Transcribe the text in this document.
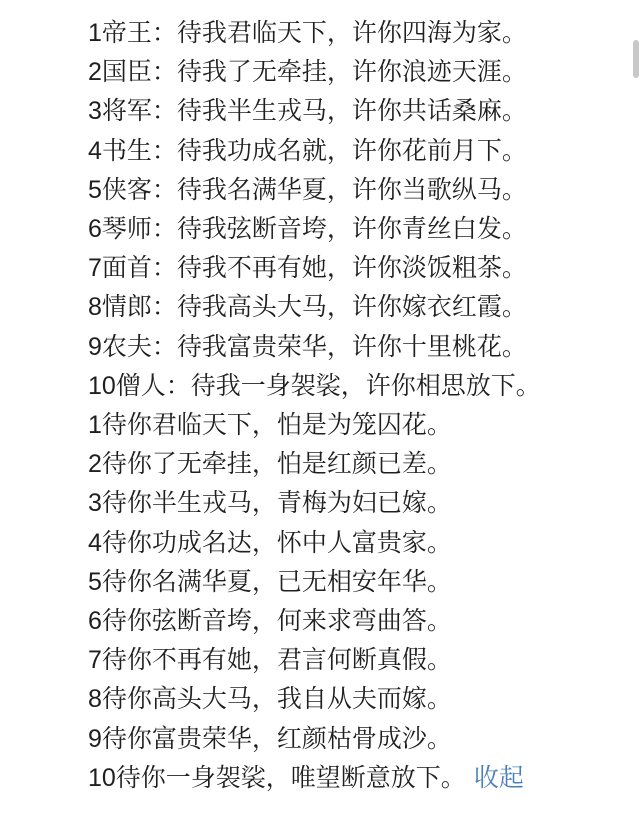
1帝王：待我君临天下，许你四海为家。
2国臣：待我了无牵挂，许你浪迹天涯。
3将军：待我半生戎马，许你共话桑麻。
4书生：待我功成名就，许你花前月下。
5侠客：待我名满华夏，许你当歌纵马。
6琴师：待我弦断音垮，许你青丝白发。
7面首：待我不再有她，许你淡饭粗茶。
8情郎：待我高头大马，许你嫁衣红霞。
9农夫：待我富贵荣华，许你十里桃花。
10僧人：待我一身袈裟，许你相思放下。
1待你君临天下，怕是为笼囚花。
2待你了无牵挂，怕是红颜已差。
3待你半生戎马，青梅为妇已嫁。
4待你功成名达，怀中人富贵家。
5待你名满华夏，已无相安年华。
6待你弦断音垮，何来求弯曲答。
7待你不再有她，君言何断真假。
8待你高头大马，我自从夫而嫁。
9待你富贵荣华，红颜枯骨成沙。
10待你一身袈裟，唯望断意放下。 收起
